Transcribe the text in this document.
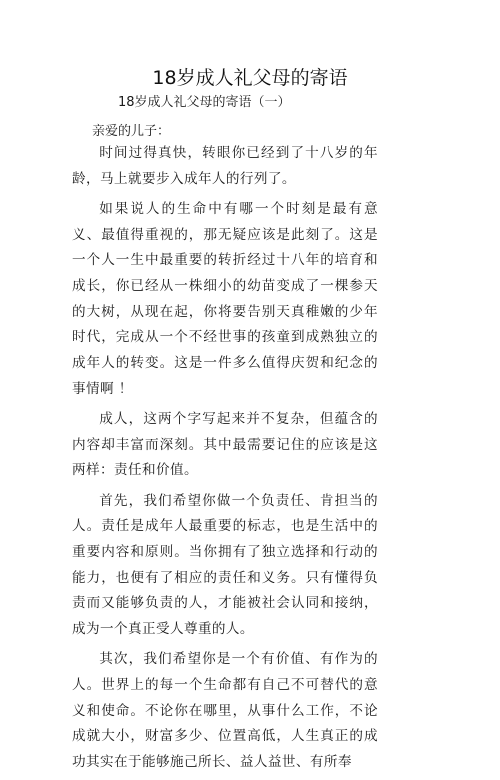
18岁成人礼父母的寄语
18岁成人礼父母的寄语（一）
亲爱的儿子：

时间过得真快，转眼你已经到了十八岁的年龄，马上就要步入成年人的行列了。

如果说人的生命中有哪一个时刻是最有意义、最值得重视的，那无疑应该是此刻了。这是一个人一生中最重要的转折经过十八年的培育和成长，你已经从一株细小的幼苗变成了一棵参天的大树，从现在起，你将要告别天真稚嫩的少年时代，完成从一个不经世事的孩童到成熟独立的成年人的转变。这是一件多么值得庆贺和纪念的事情啊 ！

成人，这两个字写起来并不复杂，但蕴含的内容却丰富而深刻。其中最需要记住的应该是这两样：责任和价值。

首先，我们希望你做一个负责任、肯担当的人。责任是成年人最重要的标志，也是生活中的重要内容和原则。当你拥有了独立选择和行动的能力，也便有了相应的责任和义务。只有懂得负责而又能够负责的人，才能被社会认同和接纳，成为一个真正受人尊重的人。

其次，我们希望你是一个有价值、有作为的人。世界上的每一个生命都有自己不可替代的意义和使命。不论你在哪里，从事什么工作，不论成就大小，财富多少、位置高低，人生真正的成功其实在于能够施己所长、益人益世、有所奉
